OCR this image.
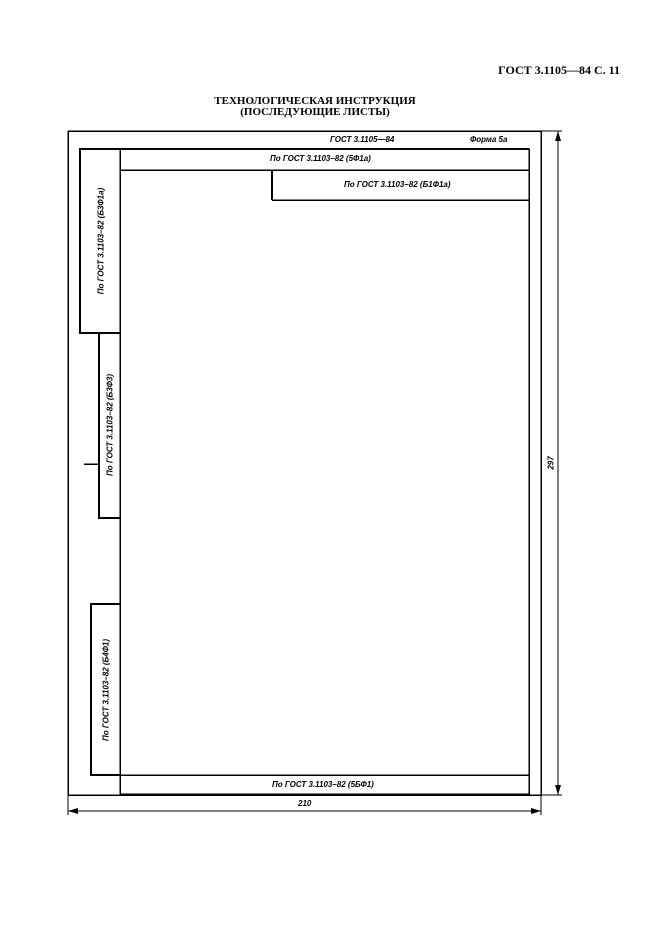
ГОСТ 3.1105—84 С. 11
ТЕХНОЛОГИЧЕСКАЯ ИНСТРУКЦИЯ
(ПОСЛЕДУЮЩИЕ ЛИСТЫ)
ГОСТ 3.1105—84	Форма 5а
По ГОСТ 3.1103–82 (5Ф1а)
По ГОСТ 3.1103–82 (Б1Ф1а)
По ГОСТ 3.1103–82 (5БФ1)
По ГОСТ 3.1103–82 (Б3Ф1а)
По ГОСТ 3.1103–82 (Б3Ф3)
По ГОСТ 3.1103–82 (Б4Ф1)
297
210
